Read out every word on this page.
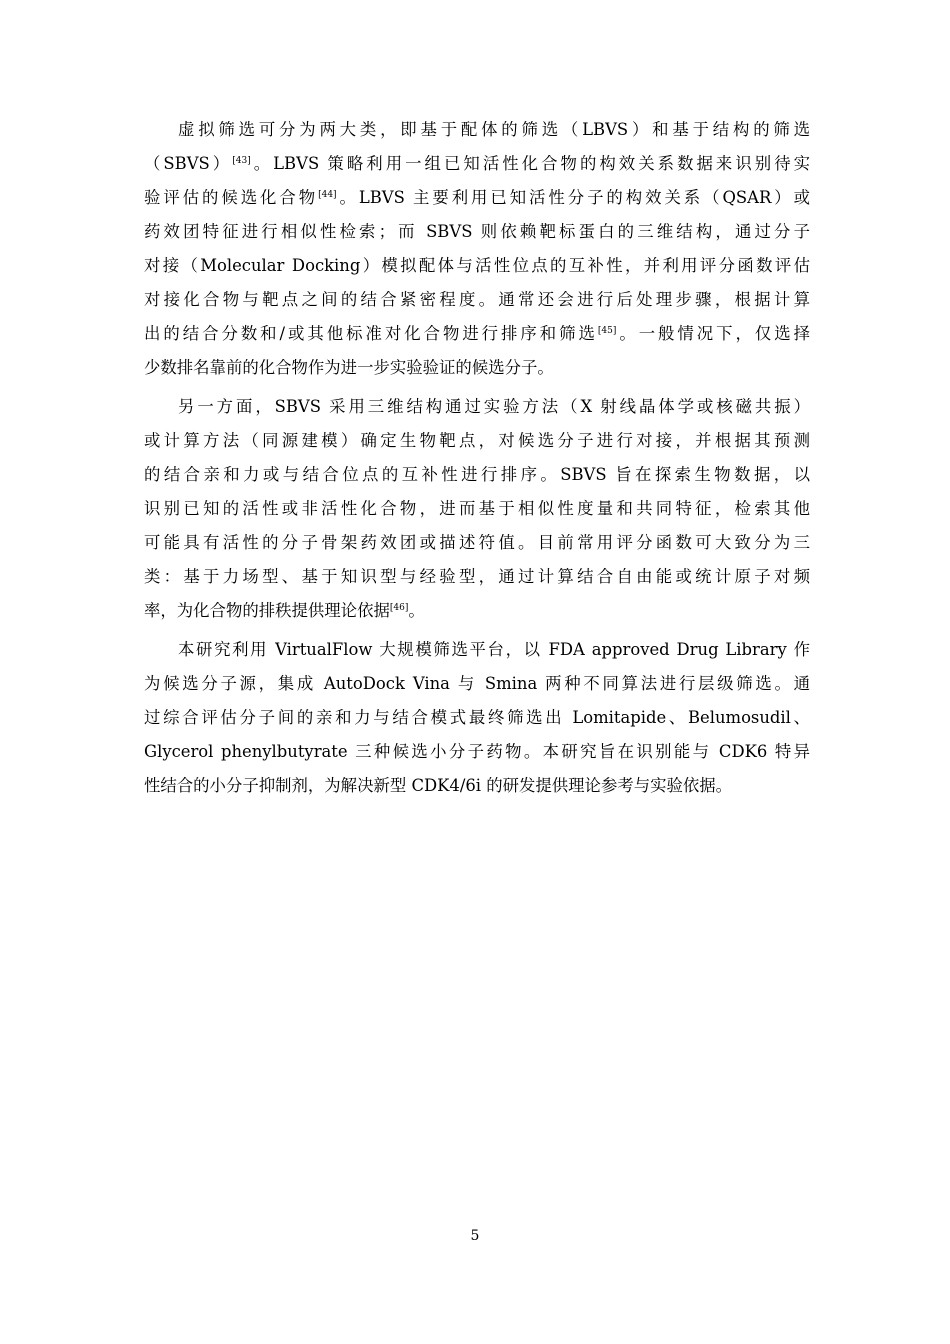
虚拟筛选可分为两大类，即基于配体的筛选（LBVS）和基于结构的筛选
（SBVS）[43]。LBVS 策略利用一组已知活性化合物的构效关系数据来识别待实
验评估的候选化合物[44]。LBVS 主要利用已知活性分子的构效关系（QSAR）或
药效团特征进行相似性检索；而 SBVS 则依赖靶标蛋白的三维结构，通过分子
对接（Molecular Docking）模拟配体与活性位点的互补性，并利用评分函数评估
对接化合物与靶点之间的结合紧密程度。通常还会进行后处理步骤，根据计算
出的结合分数和/或其他标准对化合物进行排序和筛选[45]。一般情况下，仅选择
少数排名靠前的化合物作为进一步实验验证的候选分子。
另一方面，SBVS 采用三维结构通过实验方法（X 射线晶体学或核磁共振）
或计算方法（同源建模）确定生物靶点，对候选分子进行对接，并根据其预测
的结合亲和力或与结合位点的互补性进行排序。SBVS 旨在探索生物数据，以
识别已知的活性或非活性化合物，进而基于相似性度量和共同特征，检索其他
可能具有活性的分子骨架药效团或描述符值。目前常用评分函数可大致分为三
类：基于力场型、基于知识型与经验型，通过计算结合自由能或统计原子对频
率，为化合物的排秩提供理论依据[46]。
本研究利用 VirtualFlow 大规模筛选平台，以 FDA approved Drug Library 作
为候选分子源，集成 AutoDock Vina 与 Smina 两种不同算法进行层级筛选。通
过综合评估分子间的亲和力与结合模式最终筛选出 Lomitapide、Belumosudil、
Glycerol phenylbutyrate 三种候选小分子药物。本研究旨在识别能与 CDK6 特异
性结合的小分子抑制剂，为解决新型 CDK4/6i 的研发提供理论参考与实验依据。
5
